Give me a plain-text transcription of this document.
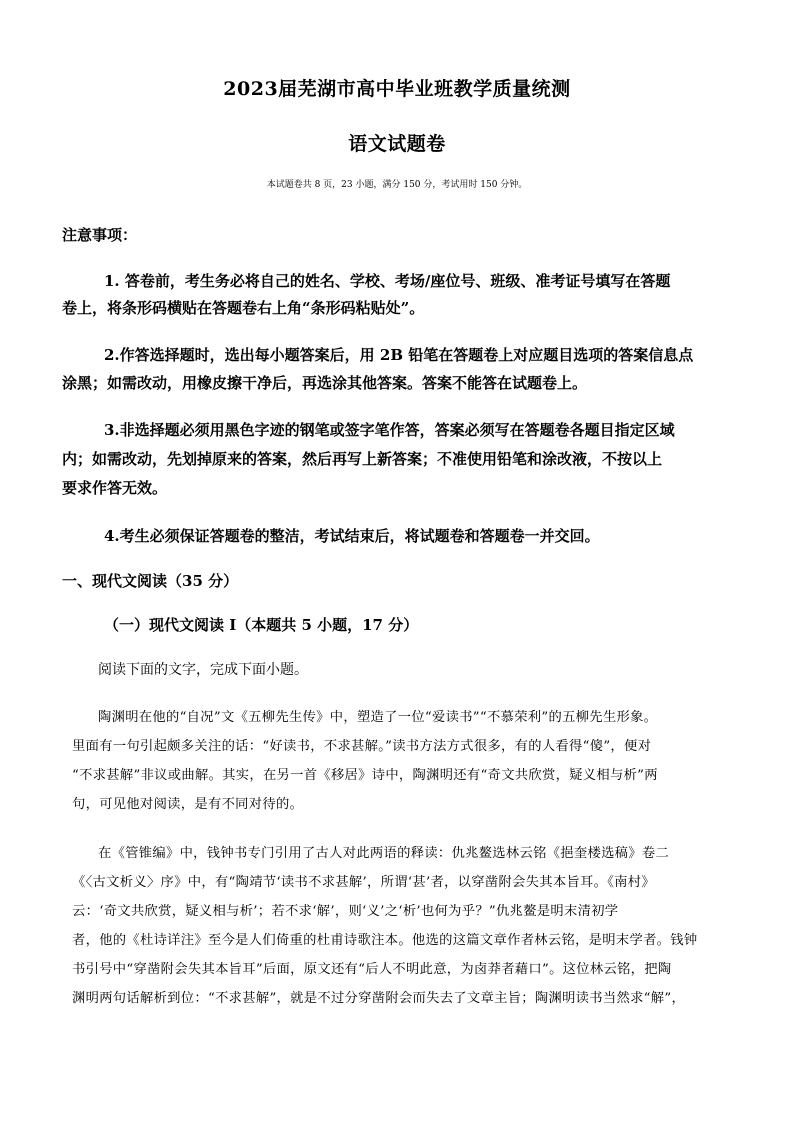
2023届芜湖市高中毕业班教学质量统测
语文试题卷
本试题卷共 8 页，23 小题，满分 150 分，考试用时 150 分钟。
注意事项：
1. 答卷前，考生务必将自己的姓名、学校、考场/座位号、班级、准考证号填写在答题
卷上，将条形码横贴在答题卷右上角“条形码粘贴处”。
2.作答选择题时，选出每小题答案后，用 2B 铅笔在答题卷上对应题目选项的答案信息点
涂黑；如需改动，用橡皮擦干净后，再选涂其他答案。答案不能答在试题卷上。
3.非选择题必须用黑色字迹的钢笔或签字笔作答，答案必须写在答题卷各题目指定区域
内；如需改动，先划掉原来的答案，然后再写上新答案；不准使用铅笔和涂改液，不按以上
要求作答无效。
4.考生必须保证答题卷的整洁，考试结束后，将试题卷和答题卷一并交回。
一、现代文阅读（35 分）
（一）现代文阅读 I（本题共 5 小题，17 分）
阅读下面的文字，完成下面小题。
陶渊明在他的“自况”文《五柳先生传》中，塑造了一位“爱读书”“不慕荣利”的五柳先生形象。
里面有一句引起颇多关注的话：“好读书，不求甚解。”读书方法方式很多，有的人看得“傻”，便对
“不求甚解”非议或曲解。其实，在另一首《移居》诗中，陶渊明还有“奇文共欣赏，疑义相与析”两
句，可见他对阅读，是有不同对待的。
在《管锥编》中，钱钟书专门引用了古人对此两语的释读：仇兆鳌选林云铭《挹奎楼选稿》卷二
《〈古文析义〉序》中，有“陶靖节‘读书不求甚解’，所谓‘甚’者，以穿凿附会失其本旨耳。《南村》
云：‘奇文共欣赏，疑义相与析’；若不求‘解’，则‘义’之‘析’也何为乎？”仇兆鳌是明末清初学
者，他的《杜诗详注》至今是人们倚重的杜甫诗歌注本。他选的这篇文章作者林云铭，是明末学者。钱钟
书引号中“穿凿附会失其本旨耳”后面，原文还有“后人不明此意，为卤莽者藉口”。这位林云铭，把陶
渊明两句话解析到位：“不求甚解”，就是不过分穿凿附会而失去了文章主旨；陶渊明读书当然求“解”，
